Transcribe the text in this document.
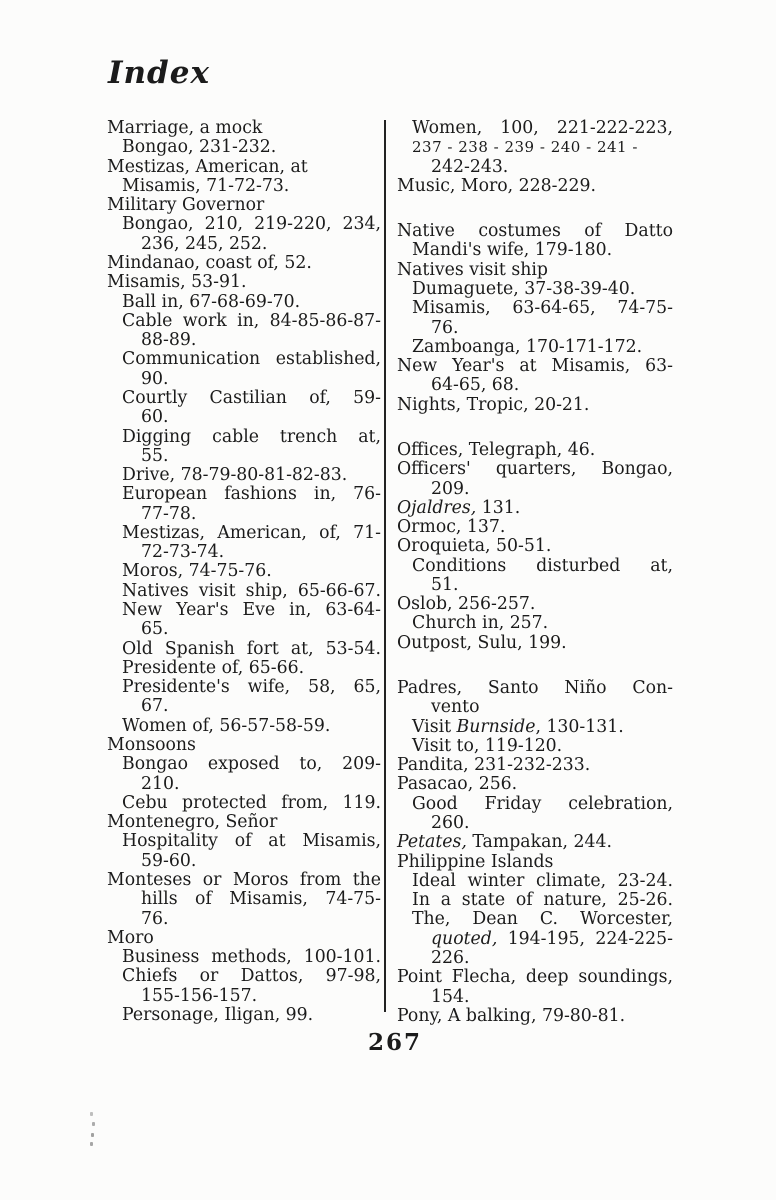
Index
Marriage, a mock
Bongao, 231-232.
Mestizas, American, at
Misamis, 71-72-73.
Military Governor
Bongao, 210, 219-220, 234,
236, 245, 252.
Mindanao, coast of, 52.
Misamis, 53-91.
Ball in, 67-68-69-70.
Cable work in, 84-85-86-87-
88-89.
Communication established,
90.
Courtly Castilian of, 59-
60.
Digging cable trench at,
55.
Drive, 78-79-80-81-82-83.
European fashions in, 76-
77-78.
Mestizas, American, of, 71-
72-73-74.
Moros, 74-75-76.
Natives visit ship, 65-66-67.
New Year's Eve in, 63-64-
65.
Old Spanish fort at, 53-54.
Presidente of, 65-66.
Presidente's wife, 58, 65,
67.
Women of, 56-57-58-59.
Monsoons
Bongao exposed to, 209-
210.
Cebu protected from, 119.
Montenegro, Señor
Hospitality of at Misamis,
59-60.
Monteses or Moros from the
hills of Misamis, 74-75-
76.
Moro
Business methods, 100-101.
Chiefs or Dattos, 97-98,
155-156-157.
Personage, Iligan, 99.
Women, 100, 221-222-223,
237 - 238 - 239 - 240 - 241 -
242-243.
Music, Moro, 228-229.
Native costumes of Datto
Mandi's wife, 179-180.
Natives visit ship
Dumaguete, 37-38-39-40.
Misamis, 63-64-65, 74-75-
76.
Zamboanga, 170-171-172.
New Year's at Misamis, 63-
64-65, 68.
Nights, Tropic, 20-21.
Offices, Telegraph, 46.
Officers' quarters, Bongao,
209.
Ojaldres, 131.
Ormoc, 137.
Oroquieta, 50-51.
Conditions disturbed at,
51.
Oslob, 256-257.
Church in, 257.
Outpost, Sulu, 199.
Padres, Santo Niño Con-
vento
Visit Burnside, 130-131.
Visit to, 119-120.
Pandita, 231-232-233.
Pasacao, 256.
Good Friday celebration,
260.
Petates, Tampakan, 244.
Philippine Islands
Ideal winter climate, 23-24.
In a state of nature, 25-26.
The, Dean C. Worcester,
quoted, 194-195, 224-225-
226.
Point Flecha, deep soundings,
154.
Pony, A balking, 79-80-81.
267
